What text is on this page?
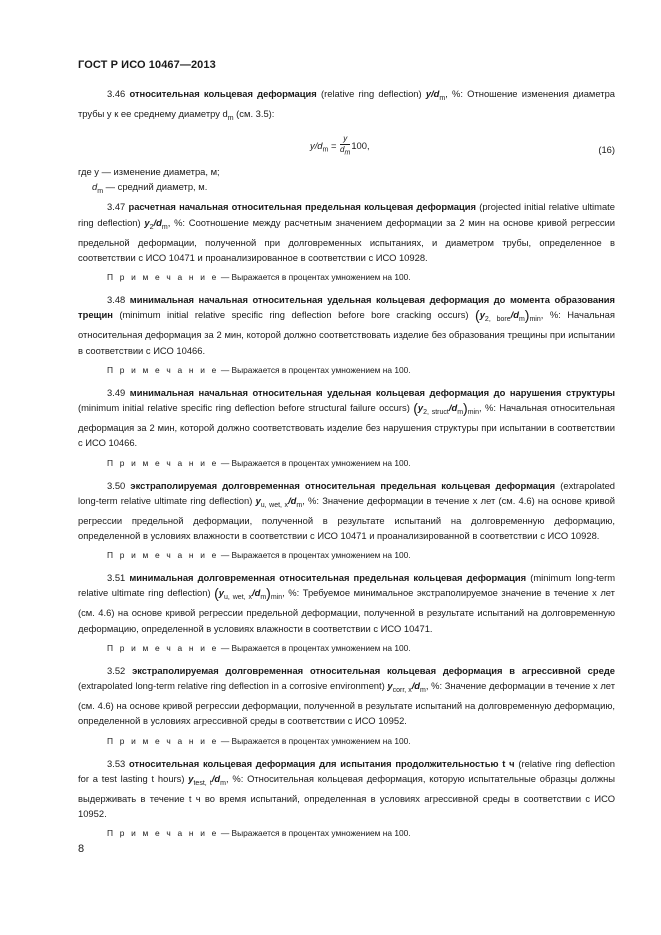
ГОСТ Р ИСО 10467—2013

3.46 относительная кольцевая деформация (relative ring deflection) $y/d_m$, %: Отношение изменения диаметра трубы y к ее среднему диаметру $d_m$ (см. 3.5):

$y/d_m = \frac{y}{d_m} 100$,	(16)
где y — изменение диаметра, м;
$d_m$ — средний диаметр, м.

3.47 расчетная начальная относительная предельная кольцевая деформация (projected initial relative ultimate ring deflection) $y_2/d_m$, %: Соотношение между расчетным значением деформации за 2 мин на основе кривой регрессии предельной деформации, полученной при долговременных испытаниях, и диаметром трубы, определенное в соответствии с ИСО 10471 и проанализированное в соответствии с ИСО 10928.

П р и м е ч а н и е — Выражается в процентах умножением на 100.

3.48 минимальная начальная относительная удельная кольцевая деформация до момента образования трещин (minimum initial relative specific ring deflection before bore cracking occurs) $(y_{2, bore}/d_m)_{min}$, %: Начальная относительная деформация за 2 мин, которой должно соответствовать изделие без образования трещины при испытании в соответствии с ИСО 10466.

П р и м е ч а н и е — Выражается в процентах умножением на 100.

3.49 минимальная начальная относительная удельная кольцевая деформация до нарушения структуры (minimum initial relative specific ring deflection before structural failure occurs) $(y_{2, struct}/d_m)_{min}$, %: Начальная относительная деформация за 2 мин, которой должно соответствовать изделие без нарушения структуры при испытании в соответствии с ИСО 10466.

П р и м е ч а н и е — Выражается в процентах умножением на 100.

3.50 экстраполируемая долговременная относительная предельная кольцевая деформация (extrapolated long-term relative ultimate ring deflection) $y_{u, wet, x}/d_m$, %: Значение деформации в течение x лет (см. 4.6) на основе кривой регрессии предельной деформации, полученной в результате испытаний на долговременную деформацию, определенной в условиях влажности в соответствии с ИСО 10471 и проанализированной в соответствии с ИСО 10928.

П р и м е ч а н и е — Выражается в процентах умножением на 100.

3.51 минимальная долговременная относительная предельная кольцевая деформация (minimum long-term relative ultimate ring deflection) $(y_{u, wet, x}/d_m)_{min}$, %: Требуемое минимальное экстраполируемое значение в течение x лет (см. 4.6) на основе кривой регрессии предельной деформации, полученной в результате испытаний на долговременную деформацию, определенной в условиях влажности в соответствии с ИСО 10471.

П р и м е ч а н и е — Выражается в процентах умножением на 100.

3.52 экстраполируемая долговременная относительная кольцевая деформация в агрессивной среде (extrapolated long-term relative ring deflection in a corrosive environment) $y_{corr, x}/d_m$, %: Значение деформации в течение x лет (см. 4.6) на основе кривой регрессии деформации, полученной в результате испытаний на долговременную деформацию, определенной в условиях агрессивной среды в соответствии с ИСО 10952.

П р и м е ч а н и е — Выражается в процентах умножением на 100.

3.53 относительная кольцевая деформация для испытания продолжительностью t ч (relative ring deflection for a test lasting t hours) $y_{test, t}/d_m$, %: Относительная кольцевая деформация, которую испытательные образцы должны выдерживать в течение t ч во время испытаний, определенная в условиях агрессивной среды в соответствии с ИСО 10952.

П р и м е ч а н и е — Выражается в процентах умножением на 100.
8
